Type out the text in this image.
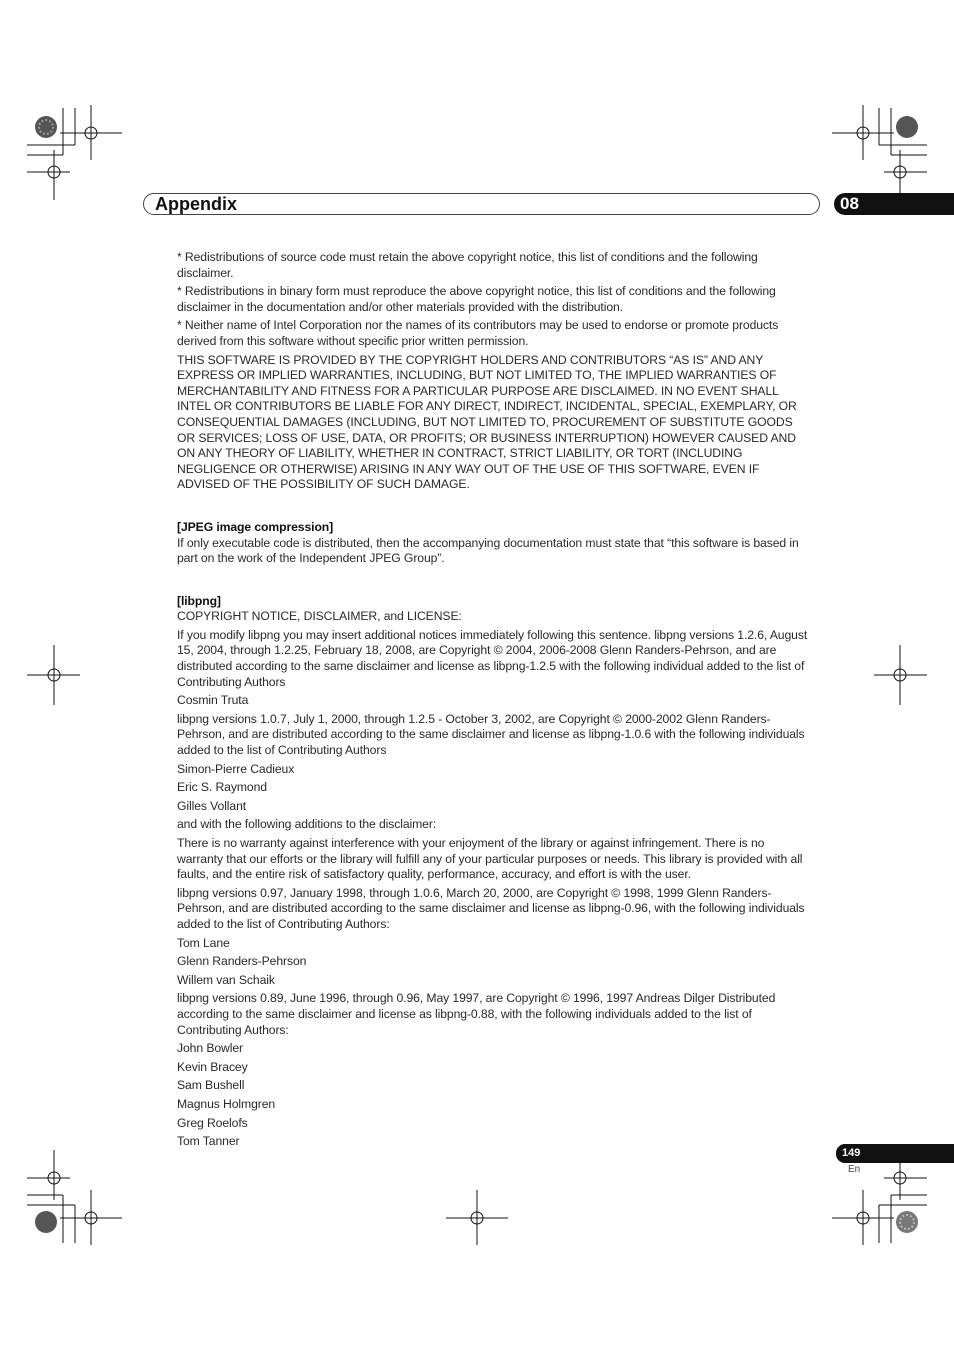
Appendix	08

* Redistributions of source code must retain the above copyright notice, this list of conditions and the following disclaimer.

* Redistributions in binary form must reproduce the above copyright notice, this list of conditions and the following disclaimer in the documentation and/or other materials provided with the distribution.

* Neither name of Intel Corporation nor the names of its contributors may be used to endorse or promote products derived from this software without specific prior written permission.

THIS SOFTWARE IS PROVIDED BY THE COPYRIGHT HOLDERS AND CONTRIBUTORS “AS IS” AND ANY EXPRESS OR IMPLIED WARRANTIES, INCLUDING, BUT NOT LIMITED TO, THE IMPLIED WARRANTIES OF MERCHANTABILITY AND FITNESS FOR A PARTICULAR PURPOSE ARE DISCLAIMED. IN NO EVENT SHALL INTEL OR CONTRIBUTORS BE LIABLE FOR ANY DIRECT, INDIRECT, INCIDENTAL, SPECIAL, EXEMPLARY, OR CONSEQUENTIAL DAMAGES (INCLUDING, BUT NOT LIMITED TO, PROCUREMENT OF SUBSTITUTE GOODS OR SERVICES; LOSS OF USE, DATA, OR PROFITS; OR BUSINESS INTERRUPTION) HOWEVER CAUSED AND ON ANY THEORY OF LIABILITY, WHETHER IN CONTRACT, STRICT LIABILITY, OR TORT (INCLUDING NEGLIGENCE OR OTHERWISE) ARISING IN ANY WAY OUT OF THE USE OF THIS SOFTWARE, EVEN IF ADVISED OF THE POSSIBILITY OF SUCH DAMAGE.

[JPEG image compression]

If only executable code is distributed, then the accompanying documentation must state that “this software is based in part on the work of the Independent JPEG Group”.

[libpng]

COPYRIGHT NOTICE, DISCLAIMER, and LICENSE:

If you modify libpng you may insert additional notices immediately following this sentence. libpng versions 1.2.6, August 15, 2004, through 1.2.25, February 18, 2008, are Copyright © 2004, 2006-2008 Glenn Randers-Pehrson, and are distributed according to the same disclaimer and license as libpng-1.2.5 with the following individual added to the list of Contributing Authors

Cosmin Truta

libpng versions 1.0.7, July 1, 2000, through 1.2.5 - October 3, 2002, are Copyright © 2000-2002 Glenn Randers-Pehrson, and are distributed according to the same disclaimer and license as libpng-1.0.6 with the following individuals added to the list of Contributing Authors

Simon-Pierre Cadieux

Eric S. Raymond

Gilles Vollant

and with the following additions to the disclaimer:

There is no warranty against interference with your enjoyment of the library or against infringement. There is no warranty that our efforts or the library will fulfill any of your particular purposes or needs. This library is provided with all faults, and the entire risk of satisfactory quality, performance, accuracy, and effort is with the user.

libpng versions 0.97, January 1998, through 1.0.6, March 20, 2000, are Copyright © 1998, 1999 Glenn Randers-Pehrson, and are distributed according to the same disclaimer and license as libpng-0.96, with the following individuals added to the list of Contributing Authors:

Tom Lane

Glenn Randers-Pehrson

Willem van Schaik

libpng versions 0.89, June 1996, through 0.96, May 1997, are Copyright © 1996, 1997 Andreas Dilger Distributed according to the same disclaimer and license as libpng-0.88, with the following individuals added to the list of Contributing Authors:

John Bowler

Kevin Bracey

Sam Bushell

Magnus Holmgren

Greg Roelofs

Tom Tanner

149
En
